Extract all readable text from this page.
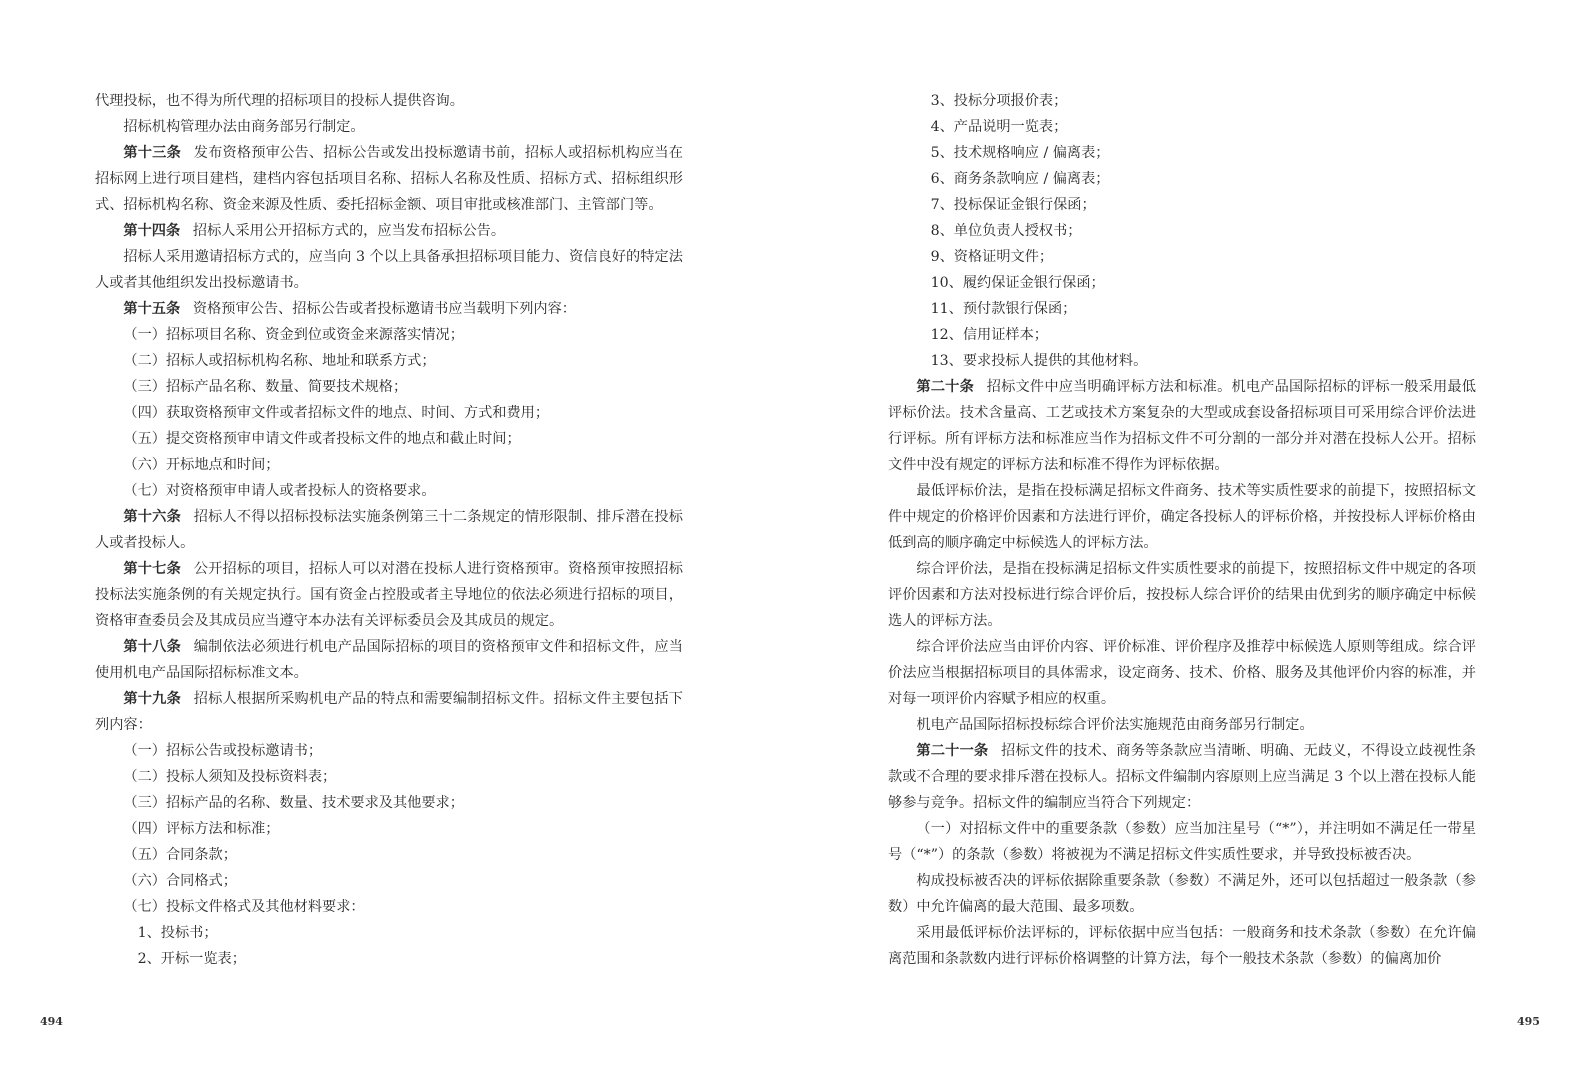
代理投标，也不得为所代理的招标项目的投标人提供咨询。

招标机构管理办法由商务部另行制定。

第十三条 发布资格预审公告、招标公告或发出投标邀请书前，招标人或招标机构应当在招标网上进行项目建档，建档内容包括项目名称、招标人名称及性质、招标方式、招标组织形式、招标机构名称、资金来源及性质、委托招标金额、项目审批或核准部门、主管部门等。

第十四条 招标人采用公开招标方式的，应当发布招标公告。

招标人采用邀请招标方式的，应当向 3 个以上具备承担招标项目能力、资信良好的特定法人或者其他组织发出投标邀请书。

第十五条 资格预审公告、招标公告或者投标邀请书应当载明下列内容：

（一）招标项目名称、资金到位或资金来源落实情况；

（二）招标人或招标机构名称、地址和联系方式；

（三）招标产品名称、数量、简要技术规格；

（四）获取资格预审文件或者招标文件的地点、时间、方式和费用；

（五）提交资格预审申请文件或者投标文件的地点和截止时间；

（六）开标地点和时间；

（七）对资格预审申请人或者投标人的资格要求。

第十六条 招标人不得以招标投标法实施条例第三十二条规定的情形限制、排斥潜在投标人或者投标人。

第十七条 公开招标的项目，招标人可以对潜在投标人进行资格预审。资格预审按照招标投标法实施条例的有关规定执行。国有资金占控股或者主导地位的依法必须进行招标的项目，资格审查委员会及其成员应当遵守本办法有关评标委员会及其成员的规定。

第十八条 编制依法必须进行机电产品国际招标的项目的资格预审文件和招标文件，应当使用机电产品国际招标标准文本。

第十九条 招标人根据所采购机电产品的特点和需要编制招标文件。招标文件主要包括下列内容：

（一）招标公告或投标邀请书；

（二）投标人须知及投标资料表；

（三）招标产品的名称、数量、技术要求及其他要求；

（四）评标方法和标准；

（五）合同条款；

（六）合同格式；

（七）投标文件格式及其他材料要求：

1、投标书；

2、开标一览表；

494

3、投标分项报价表；

4、产品说明一览表；

5、技术规格响应 / 偏离表；

6、商务条款响应 / 偏离表；

7、投标保证金银行保函；

8、单位负责人授权书；

9、资格证明文件；

10、履约保证金银行保函；

11、预付款银行保函；

12、信用证样本；

13、要求投标人提供的其他材料。

第二十条 招标文件中应当明确评标方法和标准。机电产品国际招标的评标一般采用最低评标价法。技术含量高、工艺或技术方案复杂的大型或成套设备招标项目可采用综合评价法进行评标。所有评标方法和标准应当作为招标文件不可分割的一部分并对潜在投标人公开。招标文件中没有规定的评标方法和标准不得作为评标依据。

最低评标价法，是指在投标满足招标文件商务、技术等实质性要求的前提下，按照招标文件中规定的价格评价因素和方法进行评价，确定各投标人的评标价格，并按投标人评标价格由低到高的顺序确定中标候选人的评标方法。

综合评价法，是指在投标满足招标文件实质性要求的前提下，按照招标文件中规定的各项评价因素和方法对投标进行综合评价后，按投标人综合评价的结果由优到劣的顺序确定中标候选人的评标方法。

综合评价法应当由评价内容、评价标准、评价程序及推荐中标候选人原则等组成。综合评价法应当根据招标项目的具体需求，设定商务、技术、价格、服务及其他评价内容的标准，并对每一项评价内容赋予相应的权重。

机电产品国际招标投标综合评价法实施规范由商务部另行制定。

第二十一条 招标文件的技术、商务等条款应当清晰、明确、无歧义，不得设立歧视性条款或不合理的要求排斥潜在投标人。招标文件编制内容原则上应当满足 3 个以上潜在投标人能够参与竞争。招标文件的编制应当符合下列规定：

（一）对招标文件中的重要条款（参数）应当加注星号（“*”），并注明如不满足任一带星号（“*”）的条款（参数）将被视为不满足招标文件实质性要求，并导致投标被否决。

构成投标被否决的评标依据除重要条款（参数）不满足外，还可以包括超过一般条款（参数）中允许偏离的最大范围、最多项数。

采用最低评标价法评标的，评标依据中应当包括：一般商务和技术条款（参数）在允许偏离范围和条款数内进行评标价格调整的计算方法，每个一般技术条款（参数）的偏离加价

495
